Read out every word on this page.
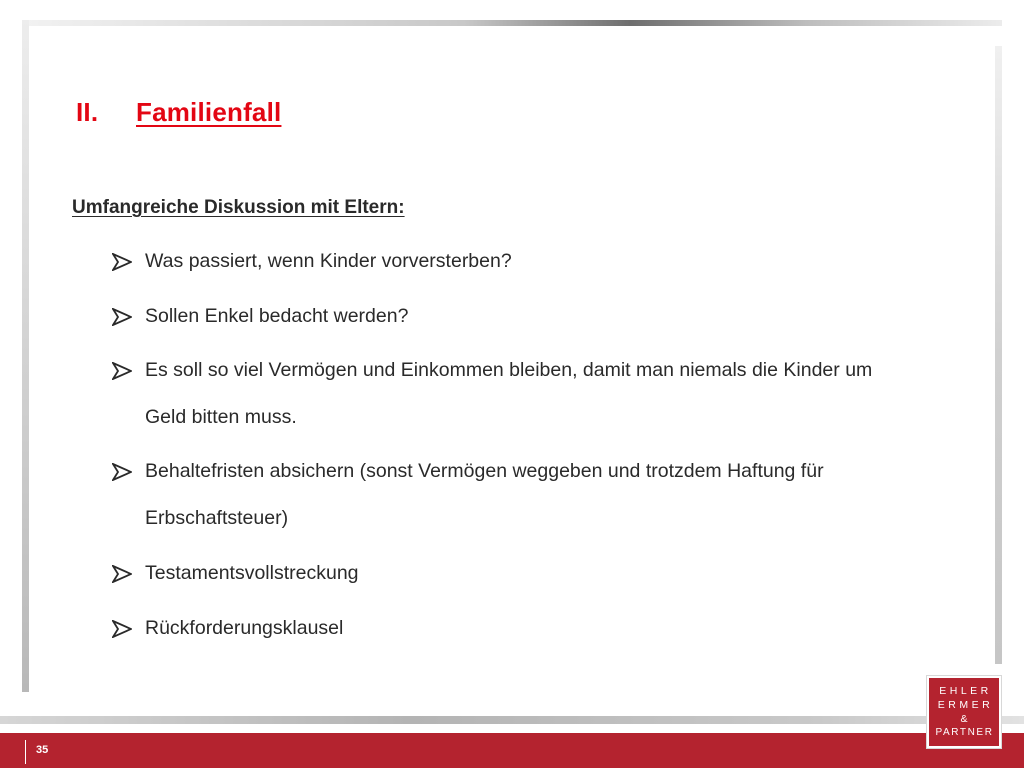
II. Familienfall
Umfangreiche Diskussion mit Eltern:
Was passiert, wenn Kinder vorversterben?
Sollen Enkel bedacht werden?
Es soll so viel Vermögen und Einkommen bleiben, damit man niemals die Kinder um Geld bitten muss.
Behaltefristen absichern (sonst Vermögen weggeben und trotzdem Haftung für Erbschaftsteuer)
Testamentsvollstreckung
Rückforderungsklausel
35
EHLER
ERMER
&
PARTNER
